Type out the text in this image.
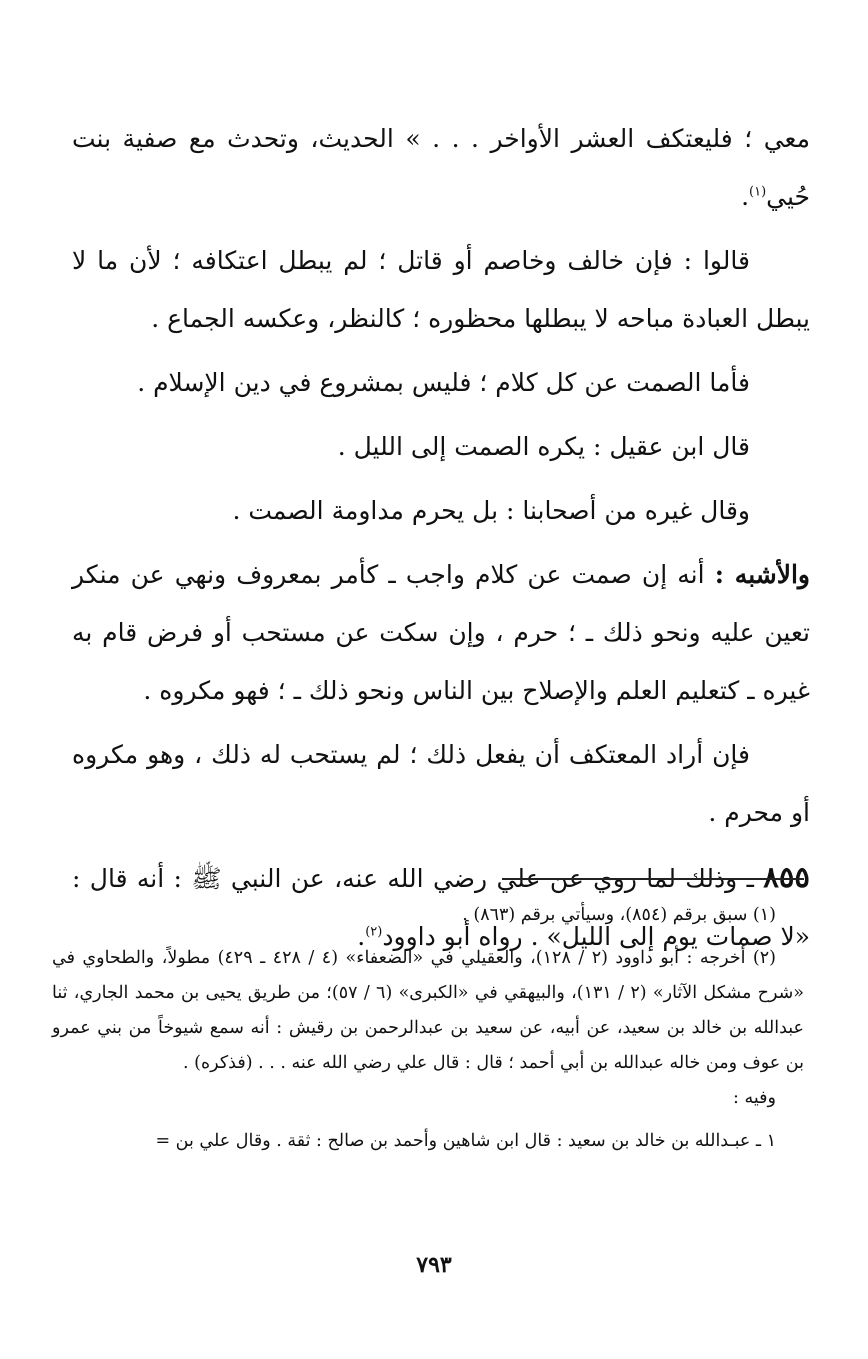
معي ؛ فليعتكف العشر الأواخر . . . » الحديث، وتحدث مع صفية بنت حُيي$^{(١)}$.

قالوا : فإن خالف وخاصم أو قاتل ؛ لم يبطل اعتكافه ؛ لأن ما لا يبطل العبادة مباحه لا يبطلها محظوره ؛ كالنظر، وعكسه الجماع .

فأما الصمت عن كل كلام ؛ فليس بمشروع في دين الإسلام .

قال ابن عقيل : يكره الصمت إلى الليل .

وقال غيره من أصحابنا : بل يحرم مداومة الصمت .

والأشبه : أنه إن صمت عن كلام واجب ـ كأمر بمعروف ونهي عن منكر تعين عليه ونحو ذلك ـ ؛ حرم ، وإن سكت عن مستحب أو فرض قام به غيره ـ كتعليم العلم والإصلاح بين الناس ونحو ذلك ـ ؛ فهو مكروه .

فإن أراد المعتكف أن يفعل ذلك ؛ لم يستحب له ذلك ، وهو مكروه أو محرم .

٨٥٥ ـ وذلك لما روي عن علي رضي الله عنه، عن النبي ﷺ : أنه قال : «لا صمات يوم إلى الليل» . رواه أبو داوود$^{(٢)}$.

(١) سبق برقم (٨٥٤)، وسيأتي برقم (٨٦٣) .

(٢) أخرجه : أبو داوود (٢ / ١٢٨)، والعقيلي في «الضعفاء» (٤ / ٤٢٨ ـ ٤٢٩) مطولاً، والطحاوي في «شرح مشكل الآثار» (٢ / ١٣١)، والبيهقي في «الكبرى» (٦ / ٥٧)؛ من طريق يحيى بن محمد الجاري، ثنا عبدالله بن خالد بن سعيد، عن أبيه، عن سعيد بن عبدالرحمن بن رقيش : أنه سمع شيوخاً من بني عمرو بن عوف ومن خاله عبدالله بن أبي أحمد ؛ قال : قال علي رضي الله عنه . . . (فذكره) .

وفيه :

١ ـ عبـدالله بن خالد بن سعيد : قال ابن شاهين وأحمد بن صالح : ثقة . وقال علي بن =

٧٩٣
